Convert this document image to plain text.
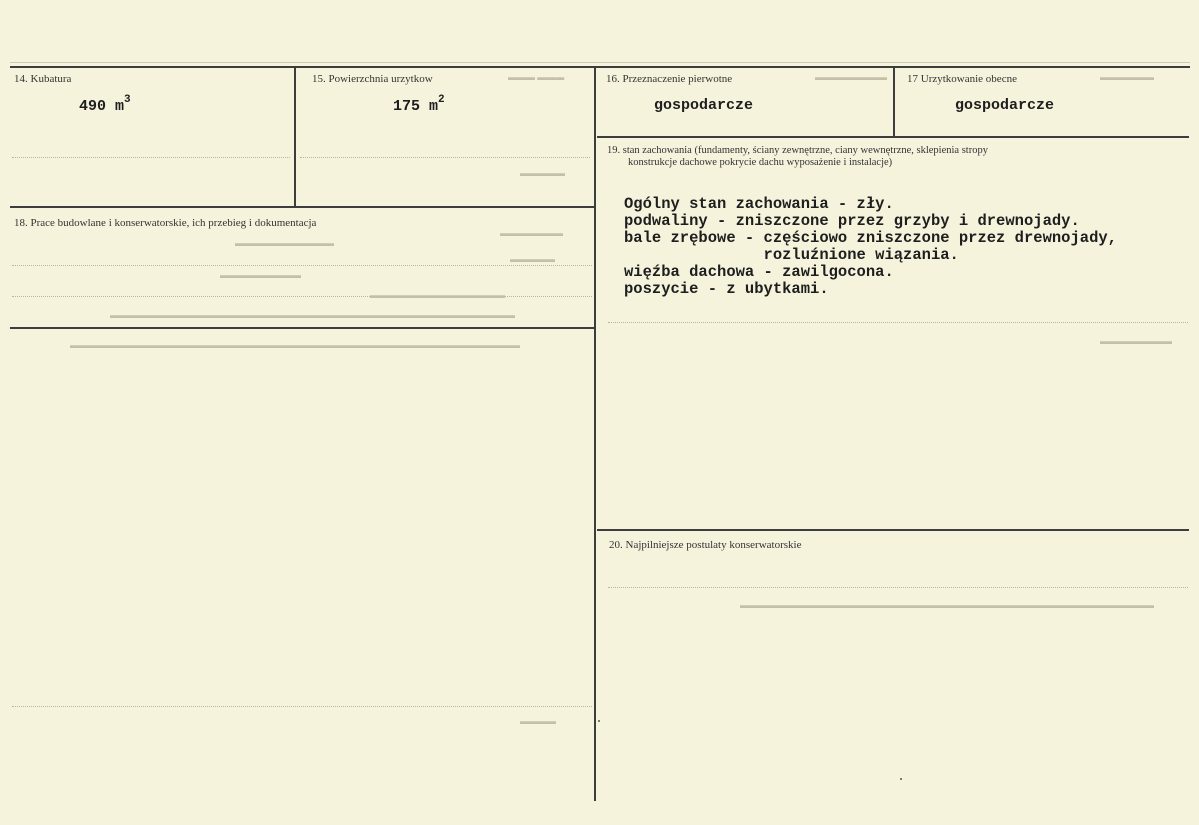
▬▬▬ ▬▬▬	▬▬▬▬▬▬▬▬	▬▬▬▬▬▬
▬▬▬▬▬
▬▬▬▬▬▬▬
▬▬▬▬▬▬▬▬▬▬▬
▬▬▬▬▬
▬▬▬▬▬▬▬▬▬
▬▬▬▬▬▬▬▬▬▬▬▬▬▬▬
▬▬▬▬▬▬▬▬▬▬▬▬▬▬▬▬▬▬▬▬▬▬▬▬▬▬▬▬▬▬▬▬▬▬▬▬▬▬▬▬▬▬▬▬▬
▬▬▬▬▬▬▬▬▬▬▬▬▬▬▬▬▬▬▬▬▬▬▬▬▬▬▬▬▬▬▬▬▬▬▬▬▬▬▬▬▬▬▬▬▬▬▬▬▬▬	▬▬▬▬▬▬▬▬
▬▬▬▬▬▬▬▬▬▬▬▬▬▬▬▬▬▬▬▬▬▬▬▬▬▬▬▬▬▬▬▬▬▬▬▬▬▬▬▬▬▬▬▬▬▬
▬▬▬▬
14. Kubatura
490 $m^3$
15. Powierzchnia urzytkow
175 $m^2$
16. Przeznaczenie pierwotne
gospodarcze
17 Urzytkowanie obecne
gospodarcze
18. Prace budowlane i konserwatorskie, ich przebieg i dokumentacja
19. stan zachowania (fundamenty, ściany zewnętrzne, ciany wewnętrzne, sklepienia stropy
konstrukcje dachowe pokrycie dachu wyposażenie i instalacje)
Ogólny stan zachowania - zły.
podwaliny - zniszczone przez grzyby i drewnojady.
bale zrębowe - częściowo zniszczone przez drewnojady,
rozluźnione wiązania.
więźba dachowa - zawilgocona.
poszycie - z ubytkami.
20. Najpilniejsze postulaty konserwatorskie
